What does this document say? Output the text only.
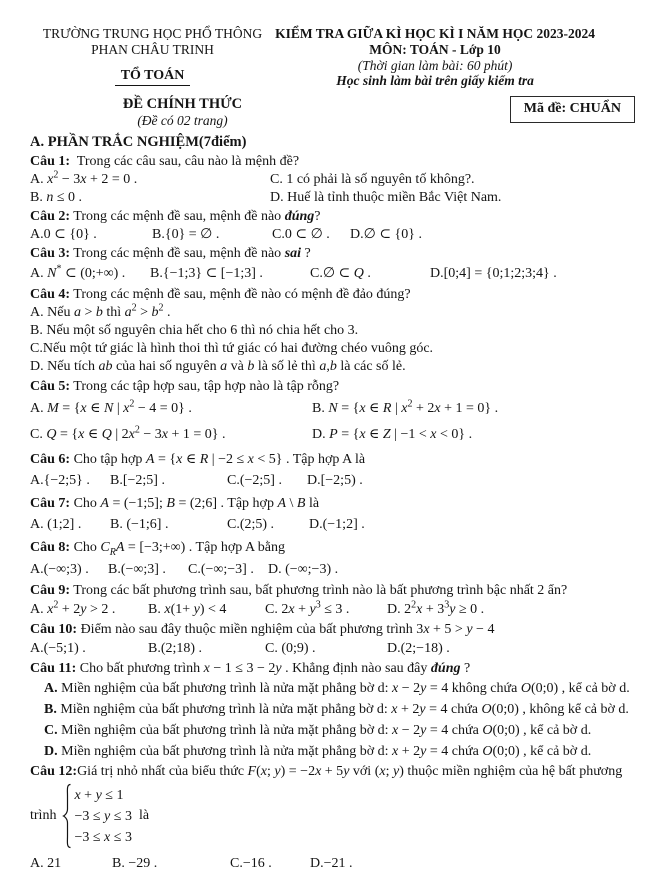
TRƯỜNG TRUNG HỌC PHỔ THÔNG
PHAN CHÂU TRINH
TỔ TOÁN
KIỂM TRA GIỮA KÌ HỌC KÌ I NĂM HỌC 2023-2024
MÔN: TOÁN - Lớp 10
(Thời gian làm bài: 60 phút)
Học sinh làm bài trên giấy kiểm tra
ĐỀ CHÍNH THỨC
(Đề có 02 trang)
Mã đề: CHUẨN
A. PHẦN TRẮC NGHIỆM(7điểm)
Câu 1:  Trong các câu sau, câu nào là mệnh đề?
A. $x^2 - 3x + 2 = 0$ .	C. 1 có phải là số nguyên tố không?.
B. n ≤ 0 .	D. Huế là tỉnh thuộc miền Bắc Việt Nam.
Câu 2: Trong các mệnh đề sau, mệnh đề nào đúng?
A.0 ⊂ {0} .	B.{0} = ∅ .	C.0 ⊂ ∅ .	D.∅ ⊂ {0} .
Câu 3: Trong các mệnh đề sau, mệnh đề nào sai ?
A. N* ⊂ (0;+∞) .	B.{−1;3} ⊂ [−1;3] .	C.∅ ⊂ Q .	D.[0;4] = {0;1;2;3;4} .
Câu 4: Trong các mệnh đề sau, mệnh đề nào có mệnh đề đảo đúng?
A. Nếu a > b thì $a^2 > b^2$ .
B. Nếu một số nguyên chia hết cho 6 thì nó chia hết cho 3.
C.Nếu một tứ giác là hình thoi thì tứ giác có hai đường chéo vuông góc.
D. Nếu tích ab của hai số nguyên a và b là số lẻ thì a,b là các số lẻ.
Câu 5: Trong các tập hợp sau, tập hợp nào là tập rỗng?
A. M = {x ∈ N | $x^2 - 4 = 0$} .	B. N = {x ∈ R | $x^2 + 2x + 1 = 0$} .
C. Q = {x ∈ Q | $2x^2 - 3x + 1 = 0$} .	D. P = {x ∈ Z | −1 < x < 0} .
Câu 6: Cho tập hợp A = {x ∈ R | −2 ≤ x < 5} . Tập hợp A là
A.{−2;5} .	B.[−2;5] .	C.(−2;5] .	D.[−2;5) .
Câu 7: Cho A = (−1;5]; B = (2;6] . Tập hợp A \ B là
A. (1;2] .	B. (−1;6] .	C.(2;5) .	D.(−1;2] .
Câu 8: Cho $C_RA$ = [−3;+∞) . Tập hợp A bằng
A.(−∞;3) .	B.(−∞;3] .	C.(−∞;−3] .	D. (−∞;−3) .
Câu 9: Trong các bất phương trình sau, bất phương trình nào là bất phương trình bậc nhất 2 ẩn?
A. $x^2 + 2y > 2$ .	B. x(1+ y) < 4	C. $2x + y^3 \le 3$ .	D. $2^2x + 3^3y \ge 0$ .
Câu 10: Điểm nào sau đây thuộc miền nghiệm của bất phương trình 3x + 5 > y − 4
A.(−5;1) .	B.(2;18) .	C. (0;9) .	D.(2;−18) .
Câu 11: Cho bất phương trình x − 1 ≤ 3 − 2y . Khẳng định nào sau đây đúng ?
A. Miền nghiệm của bất phương trình là nửa mặt phẳng bờ d: x − 2y = 4 không chứa O(0;0) , kể cả bờ d.
B. Miền nghiệm của bất phương trình là nửa mặt phẳng bờ d: x + 2y = 4 chứa O(0;0) , không kể cả bờ d.
C. Miền nghiệm của bất phương trình là nửa mặt phẳng bờ d: x − 2y = 4 chứa O(0;0) , kể cả bờ d.
D. Miền nghiệm của bất phương trình là nửa mặt phẳng bờ d: x + 2y = 4 chứa O(0;0) , kể cả bờ d.
Câu 12:Giá trị nhỏ nhất của biểu thức F(x; y) = −2x + 5y với (x; y) thuộc miền nghiệm của hệ bất phương
trình
x + y ≤ 1
−3 ≤ y ≤ 3
−3 ≤ x ≤ 3
là
A. 21	B. −29 .	C.−16 .	D.−21 .
